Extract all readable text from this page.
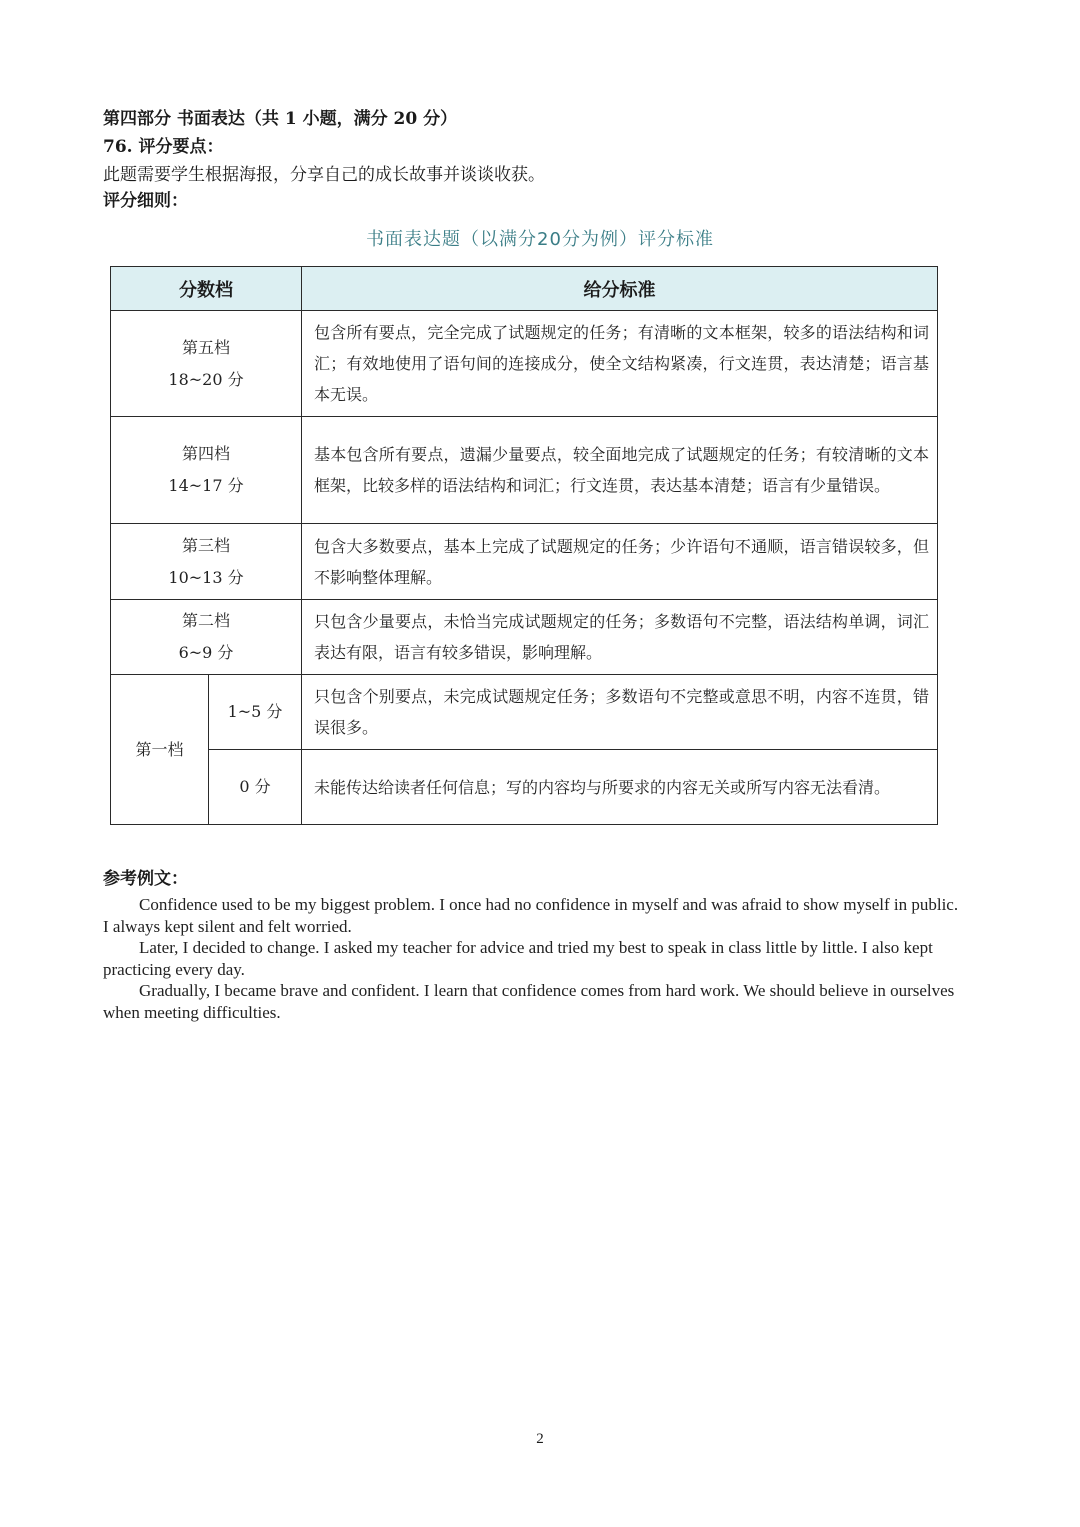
第四部分 书面表达（共 1 小题，满分 20 分）
76. 评分要点：
此题需要学生根据海报，分享自己的成长故事并谈谈收获。
评分细则：
书面表达题（以满分20分为例）评分标准
分数档		给分标准
第五档
18~20 分		包含所有要点，完全完成了试题规定的任务；有清晰的文本框架，较多的语法结构和词汇；有效地使用了语句间的连接成分，使全文结构紧凑，行文连贯，表达清楚；语言基本无误。
第四档
14~17 分		基本包含所有要点，遗漏少量要点，较全面地完成了试题规定的任务；有较清晰的文本框架，比较多样的语法结构和词汇；行文连贯，表达基本清楚；语言有少量错误。
第三档
10~13 分		包含大多数要点，基本上完成了试题规定的任务；少许语句不通顺，语言错误较多，但不影响整体理解。
第二档
6~9 分		只包含少量要点，未恰当完成试题规定的任务；多数语句不完整，语法结构单调，词汇表达有限，语言有较多错误，影响理解。
第一档	1~5 分	只包含个别要点，未完成试题规定任务；多数语句不完整或意思不明，内容不连贯，错误很多。
	0 分	未能传达给读者任何信息；写的内容均与所要求的内容无关或所写内容无法看清。
参考例文：

Confidence used to be my biggest problem. I once had no confidence in myself and was afraid to show myself in public. I always kept silent and felt worried.

Later, I decided to change. I asked my teacher for advice and tried my best to speak in class little by little. I also kept practicing every day.

Gradually, I became brave and confident. I learn that confidence comes from hard work. We should believe in ourselves when meeting difficulties.

2
